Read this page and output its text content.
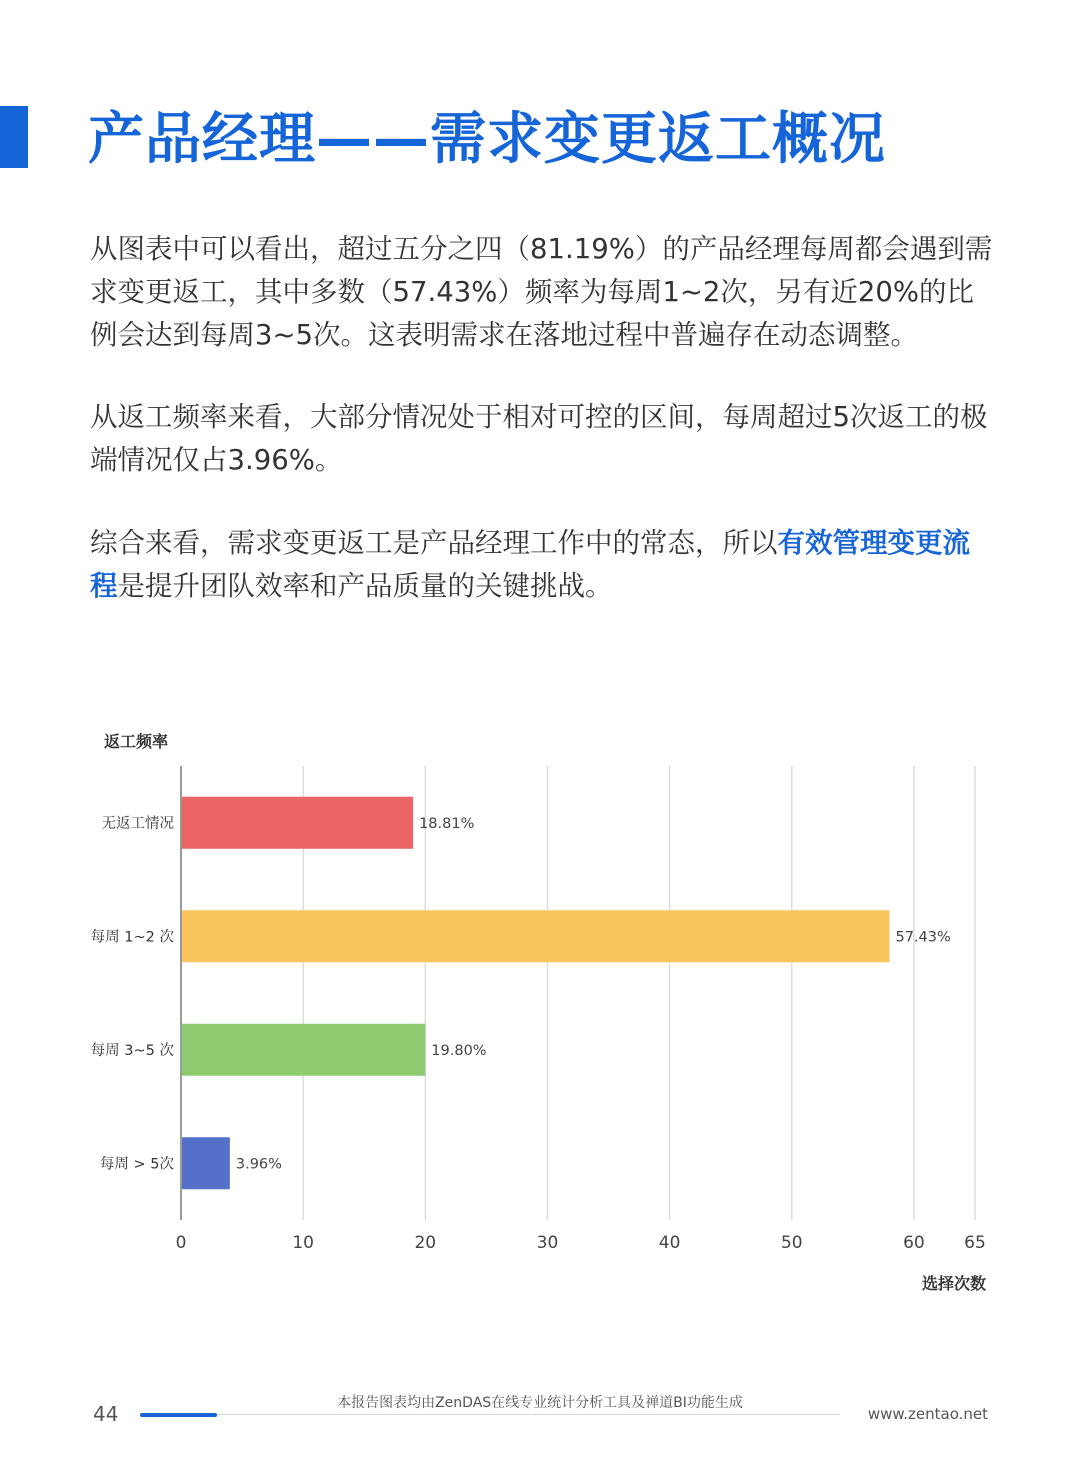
产品经理——需求变更返工概况

从图表中可以看出，超过五分之四（81.19%）的产品经理每周都会遇到需求变更返工，其中多数（57.43%）频率为每周1~2次，另有近20%的比例会达到每周3~5次。这表明需求在落地过程中普遍存在动态调整。

从返工频率来看，大部分情况处于相对可控的区间，每周超过5次返工的极端情况仅占3.96%。

综合来看，需求变更返工是产品经理工作中的常态，所以有效管理变更流程是提升团队效率和产品质量的关键挑战。

0	10	20	30	40	50	60 65
无返工情况	18.81%
每周 1~2 次	57.43%
每周 3~5 次	19.80%
每周 > 5次	3.96%
返工频率
选择次数
44	本报告图表均由ZenDAS在线专业统计分析工具及禅道BI功能生成
www.zentao.net
